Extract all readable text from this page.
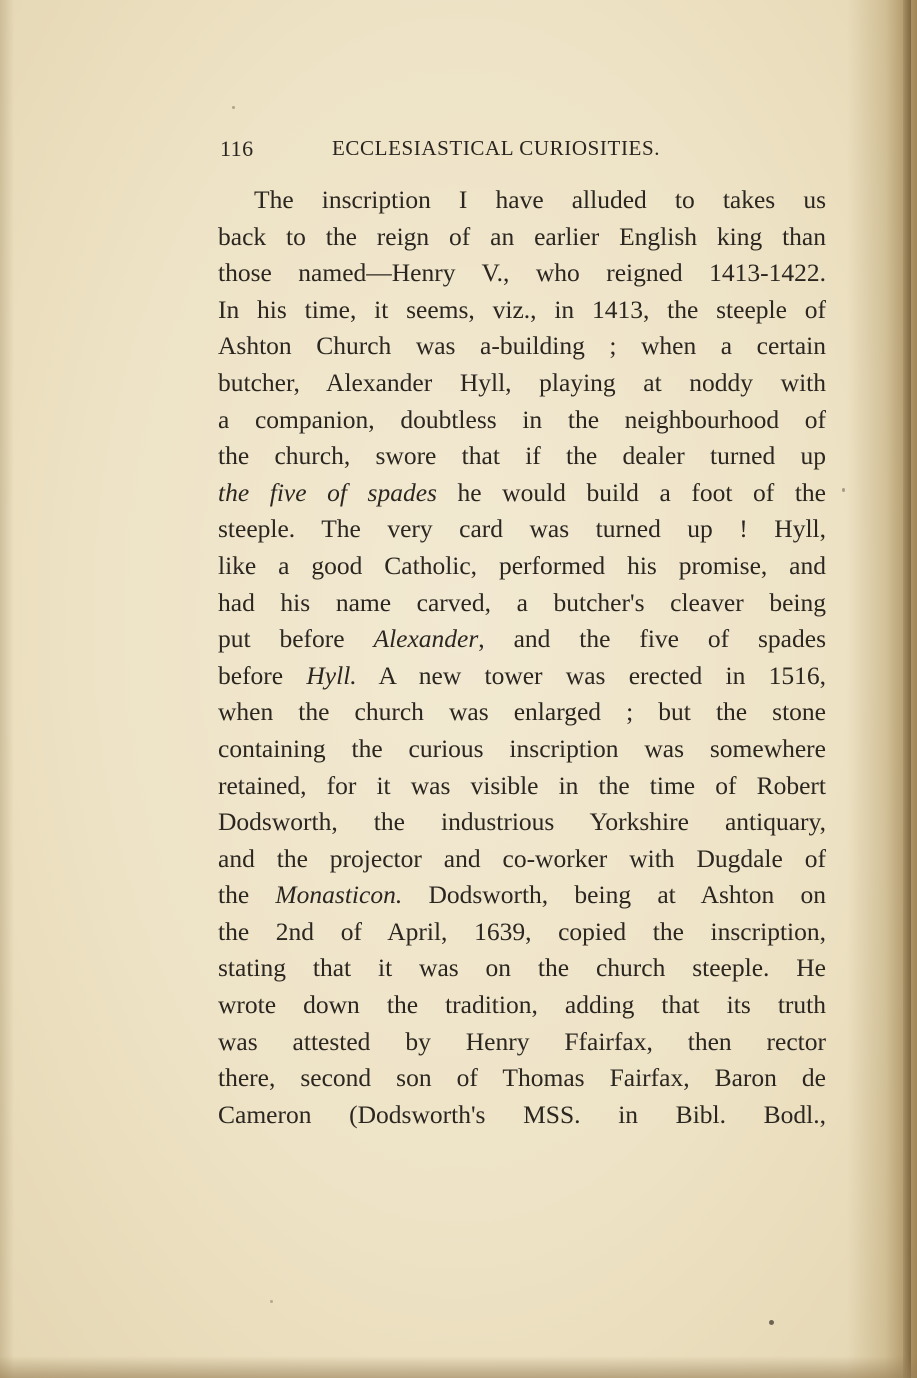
116	ECCLESIASTICAL CURIOSITIES.
The inscription I have alluded to takes us
back to the reign of an earlier English king than
those named—Henry V., who reigned 1413-1422.
In his time, it seems, viz., in 1413, the steeple of
Ashton Church was a-building ; when a certain
butcher, Alexander Hyll, playing at noddy with
a companion, doubtless in the neighbourhood of
the church, swore that if the dealer turned up
the five of spades he would build a foot of the
steeple. The very card was turned up ! Hyll,
like a good Catholic, performed his promise, and
had his name carved, a butcher's cleaver being
put before Alexander, and the five of spades
before Hyll. A new tower was erected in 1516,
when the church was enlarged ; but the stone
containing the curious inscription was somewhere
retained, for it was visible in the time of Robert
Dodsworth, the industrious Yorkshire antiquary,
and the projector and co-worker with Dugdale of
the Monasticon. Dodsworth, being at Ashton on
the 2nd of April, 1639, copied the inscription,
stating that it was on the church steeple. He
wrote down the tradition, adding that its truth
was attested by Henry Ffairfax, then rector
there, second son of Thomas Fairfax, Baron de
Cameron (Dodsworth's MSS. in Bibl. Bodl.,
